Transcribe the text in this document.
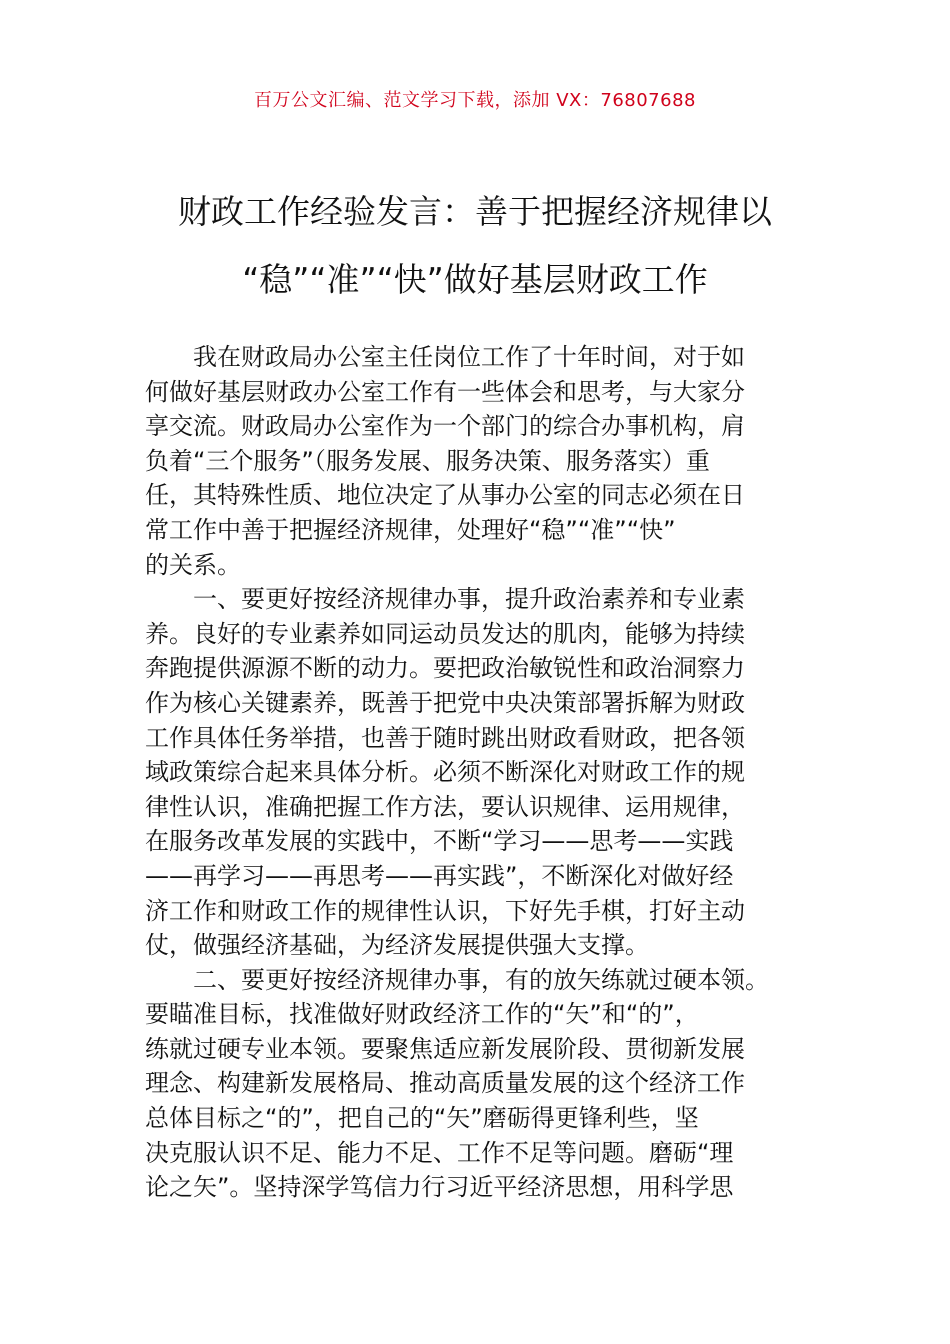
百万公文汇编、范文学习下载，添加 VX：76807688
财政工作经验发言：善于把握经济规律以
“稳”“准”“快”做好基层财政工作
　　我在财政局办公室主任岗位工作了十年时间，对于如
何做好基层财政办公室工作有一些体会和思考，与大家分
享交流。财政局办公室作为一个部门的综合办事机构，肩
负着“三个服务”（服务发展、服务决策、服务落实）重
任，其特殊性质、地位决定了从事办公室的同志必须在日
常工作中善于把握经济规律，处理好“稳”“准”“快”
的关系。
　　一、要更好按经济规律办事，提升政治素养和专业素
养。良好的专业素养如同运动员发达的肌肉，能够为持续
奔跑提供源源不断的动力。要把政治敏锐性和政治洞察力
作为核心关键素养，既善于把党中央决策部署拆解为财政
工作具体任务举措，也善于随时跳出财政看财政，把各领
域政策综合起来具体分析。必须不断深化对财政工作的规
律性认识，准确把握工作方法，要认识规律、运用规律，
在服务改革发展的实践中，不断“学习——思考——实践
——再学习——再思考——再实践”，不断深化对做好经
济工作和财政工作的规律性认识，下好先手棋，打好主动
仗，做强经济基础，为经济发展提供强大支撑。
　　二、要更好按经济规律办事，有的放矢练就过硬本领。
要瞄准目标，找准做好财政经济工作的“矢”和“的”，
练就过硬专业本领。要聚焦适应新发展阶段、贯彻新发展
理念、构建新发展格局、推动高质量发展的这个经济工作
总体目标之“的”，把自己的“矢”磨砺得更锋利些，坚
决克服认识不足、能力不足、工作不足等问题。磨砺“理
论之矢”。坚持深学笃信力行习近平经济思想，用科学思
